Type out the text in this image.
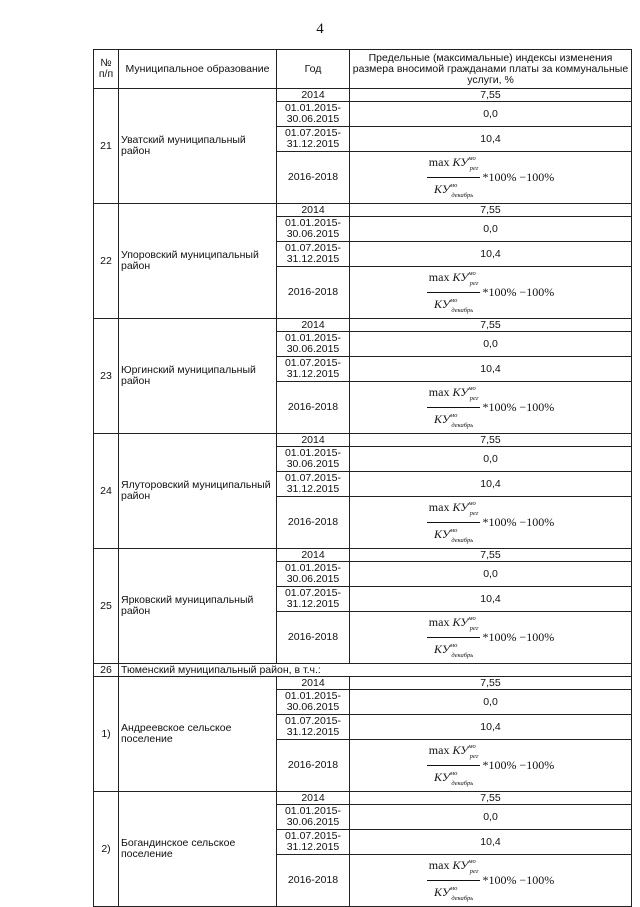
4
№ п/п	Муниципальное образование	Год	Предельные (максимальные) индексы изменения размера вносимой гражданами платы за коммунальные услуги, %
21	Уватский муниципальный район	2014	7,55
		01.01.2015-30.06.2015	0,0
		01.07.2015-31.12.2015	10,4
		2016-2018	$\frac{\max КУ^{мо}_{рег}}{КУ^{мо}_{декабрь}} *100\% -100\%$

22	Упоровский муниципальный район	2014	7,55
		01.01.2015-30.06.2015	0,0
		01.07.2015-31.12.2015	10,4
		2016-2018	$\frac{\max КУ^{мо}_{рег}}{КУ^{мо}_{декабрь}} *100\% -100\%$

23	Юргинский муниципальный район	2014	7,55
		01.01.2015-30.06.2015	0,0
		01.07.2015-31.12.2015	10,4
		2016-2018	$\frac{\max КУ^{мо}_{рег}}{КУ^{мо}_{декабрь}} *100\% -100\%$

24	Ялуторовский муниципальный район	2014	7,55
		01.01.2015-30.06.2015	0,0
		01.07.2015-31.12.2015	10,4
		2016-2018	$\frac{\max КУ^{мо}_{рег}}{КУ^{мо}_{декабрь}} *100\% -100\%$

25	Ярковский муниципальный район	2014	7,55
		01.01.2015-30.06.2015	0,0
		01.07.2015-31.12.2015	10,4
		2016-2018	$\frac{\max КУ^{мо}_{рег}}{КУ^{мо}_{декабрь}} *100\% -100\%$

26	Тюменский муниципальный район, в т.ч.:		
1)	Андреевское сельское поселение	2014	7,55
		01.01.2015-30.06.2015	0,0
		01.07.2015-31.12.2015	10,4
		2016-2018	$\frac{\max КУ^{мо}_{рег}}{КУ^{мо}_{декабрь}} *100\% -100\%$

2)	Богандинское сельское поселение	2014	7,55
		01.01.2015-30.06.2015	0,0
		01.07.2015-31.12.2015	10,4
		2016-2018	$\frac{\max КУ^{мо}_{рег}}{КУ^{мо}_{декабрь}} *100\% -100\%$
